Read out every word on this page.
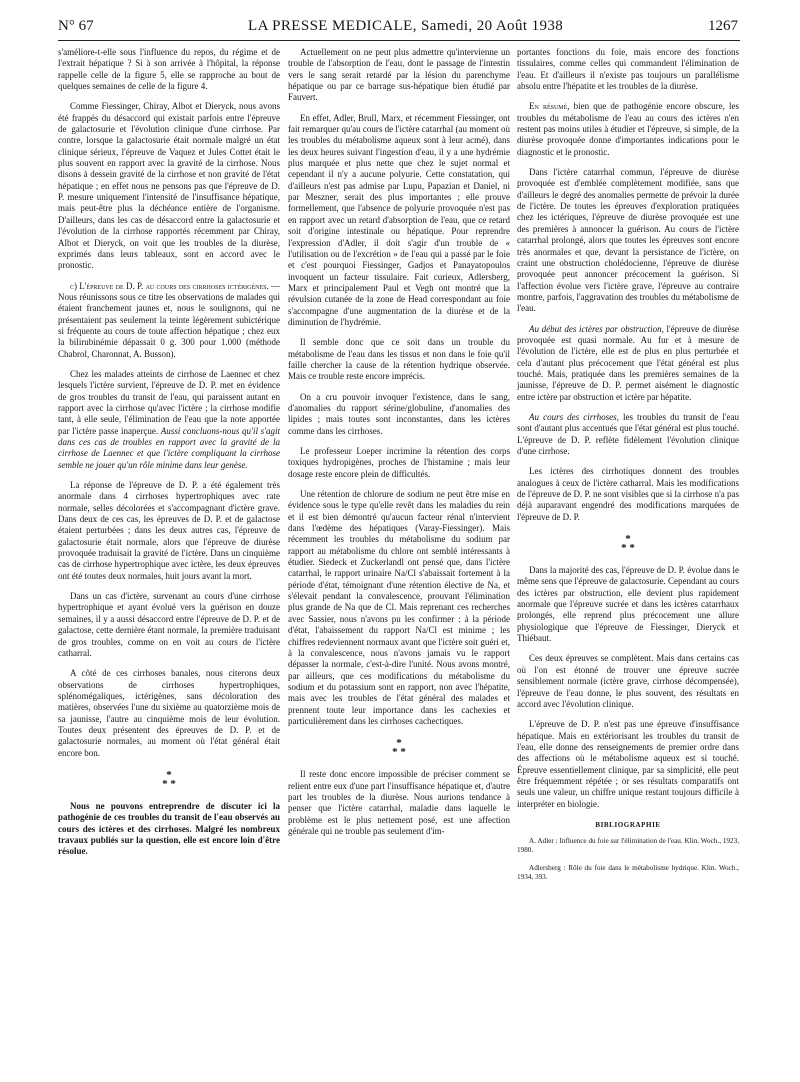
N° 67	LA PRESSE MEDICALE, Samedi, 20 Août 1938	1267

s'améliore-t-elle sous l'influence du repos, du régime et de l'extrait hépatique ? Si à son arrivée à l'hôpital, la réponse rappelle celle de la figure 5, elle se rapproche au bout de quelques semaines de celle de la figure 4.

Comme Fiessinger, Chiray, Albot et Dieryck, nous avons été frappés du désaccord qui existait parfois entre l'épreuve de galactosurie et l'évolution clinique d'une cirrhose. Par contre, lorsque la galactosurie était normale malgré un état clinique sérieux, l'épreuve de Vaquez et Jules Cottet était le plus souvent en rapport avec la gravité de la cirrhose. Nous disons à dessein gravité de la cirrhose et non gravité de l'état hépatique ; en effet nous ne pensons pas que l'épreuve de D. P. mesure uniquement l'intensité de l'insuffisance hépatique, mais peut-être plus la déchéance entière de l'organisme. D'ailleurs, dans les cas de désaccord entre la galactosurie et l'évolution de la cirrhose rapportés récemment par Chiray, Albot et Dieryck, on voit que les troubles de la diurèse, exprimés dans leurs tableaux, sont en accord avec le pronostic.

c) L'épreuve de D. P. au cours des cirrhoses ictérigènes. — Nous réunissons sous ce titre les observations de malades qui étaient franchement jaunes et, nous le soulignons, qui ne présentaient pas seulement la teinte légèrement subictérique si fréquente au cours de toute affection hépatique ; chez eux la bilirubinémie dépassait 0 g. 300 pour 1.000 (méthode Chabrol, Charonnat, A. Busson).

Chez les malades atteints de cirrhose de Laennec et chez lesquels l'ictère survient, l'épreuve de D. P. met en évidence de gros troubles du transit de l'eau, qui paraissent autant en rapport avec la cirrhose qu'avec l'ictère ; la cirrhose modifie tant, à elle seule, l'élimination de l'eau que la note apportée par l'ictère passe inaperçue. Aussi concluons-nous qu'il s'agit dans ces cas de troubles en rapport avec la gravité de la cirrhose de Laennec et que l'ictère compliquant la cirrhose semble ne jouer qu'un rôle minime dans leur genèse.

La réponse de l'épreuve de D. P. a été également très anormale dans 4 cirrhoses hypertrophiques avec rate normale, selles décolorées et s'accompagnant d'ictère grave. Dans deux de ces cas, les épreuves de D. P. et de galactose étaient perturbées ; dans les deux autres cas, l'épreuve de galactosurie était normale, alors que l'épreuve de diurèse provoquée traduisait la gravité de l'ictère. Dans un cinquième cas de cirrhose hypertrophique avec ictère, les deux épreuves ont été toutes deux normales, huit jours avant la mort.

Dans un cas d'ictère, survenant au cours d'une cirrhose hypertrophique et ayant évolué vers la guérison en douze semaines, il y a aussi désaccord entre l'épreuve de D. P. et de galactose, cette dernière étant normale, la première traduisant de gros troubles, comme on en voit au cours de l'ictère catharral.

A côté de ces cirrhoses banales, nous citerons deux observations de cirrhoses hypertrophiques, splénomégaliques, ictérigènes, sans décoloration des matières, observées l'une du sixième au quatorzième mois de sa jaunisse, l'autre au cinquième mois de leur évolution. Toutes deux présentent des épreuves de D. P. et de galactosurie normales, au moment où l'état général était encore bon.

*
* *

Nous ne pouvons entreprendre de discuter ici la pathogénie de ces troubles du transit de l'eau observés au cours des ictères et des cirrhoses. Malgré les nombreux travaux publiés sur la question, elle est encore loin d'être résolue.

Actuellement on ne peut plus admettre qu'intervienne un trouble de l'absorption de l'eau, dont le passage de l'intestin vers le sang serait retardé par la lésion du parenchyme hépatique ou par ce barrage sus-hépatique bien étudié par Fauvert.

En effet, Adler, Brull, Marx, et récemment Fiessinger, ont fait remarquer qu'au cours de l'ictère catarrhal (au moment où les troubles du métabolisme aqueux sont à leur acmé), dans les deux heures suivant l'ingestion d'eau, il y a une hydrémie plus marquée et plus nette que chez le sujet normal et cependant il n'y a aucune polyurie. Cette constatation, qui d'ailleurs n'est pas admise par Lupu, Papazian et Daniel, ni par Meszner, serait des plus importantes ; elle prouve formellement, que l'absence de polyurie provoquée n'est pas en rapport avec un retard d'absorption de l'eau, que ce retard soit d'origine intestinale ou hépatique. Pour reprendre l'expression d'Adler, il doit s'agir d'un trouble de « l'utilisation ou de l'excrétion » de l'eau qui a passé par le foie et c'est pourquoi Fiessinger, Gadjos et Panayatopoulos invoquent un facteur tissulaire. Fait curieux, Adlersberg, Marx et principalement Paul et Vegh ont montré que la révulsion cutanée de la zone de Head correspondant au foie s'accompagne d'une augmentation de la diurèse et de la diminution de l'hydrémie.

Il semble donc que ce soit dans un trouble du métabolisme de l'eau dans les tissus et non dans le foie qu'il faille chercher la cause de la rétention hydrique observée. Mais ce trouble reste encore imprécis.

On a cru pouvoir invoquer l'existence, dans le sang, d'anomalies du rapport sérine/globuline, d'anomalies des lipides ; mais toutes sont inconstantes, dans les ictères comme dans les cirrhoses.

Le professeur Loeper incrimine la rétention des corps toxiques hydropigènes, proches de l'histamine ; mais leur dosage reste encore plein de difficultés.

Une rétention de chlorure de sodium ne peut être mise en évidence sous le type qu'elle revêt dans les maladies du rein et il est bien démontré qu'aucun facteur rénal n'intervient dans l'œdème des hépatiques (Varay-Fiessinger). Mais récemment les troubles du métabolisme du sodium par rapport au métabolisme du chlore ont semblé intéressants à étudier. Siedeck et Zuckerlandl ont pensé que, dans l'ictère catarrhal, le rapport urinaire Na/Cl s'abaissait fortement à la période d'état, témoignant d'une rétention élective de Na, et s'élevait pendant la convalescence, prouvant l'élimination plus grande de Na que de Cl. Mais reprenant ces recherches avec Sassier, nous n'avons pu les confirmer : à la période d'état, l'abaissement du rapport Na/Cl est minime ; les chiffres redeviennent normaux avant que l'ictère soit guéri et, à la convalescence, nous n'avons jamais vu le rapport dépasser la normale, c'est-à-dire l'unité. Nous avons montré, par ailleurs, que ces modifications du métabolisme du sodium et du potassium sont en rapport, non avec l'hépatite, mais avec les troubles de l'état général des malades et prennent toute leur importance dans les cachexies et particulièrement dans les cirrhoses cachectiques.

*
* *

Il reste donc encore impossible de préciser comment se relient entre eux d'une part l'insuffisance hépatique et, d'autre part les troubles de la diurèse. Nous aurions tendance à penser que l'ictère catarrhal, maladie dans laquelle le problème est le plus nettement posé, est une affection générale qui ne trouble pas seulement d'im-

portantes fonctions du foie, mais encore des fonctions tissulaires, comme celles qui commandent l'élimination de l'eau. Et d'ailleurs il n'existe pas toujours un parallélisme absolu entre l'hépatite et les troubles de la diurèse.

En résumé, bien que de pathogénie encore obscure, les troubles du métabolisme de l'eau au cours des ictères n'en restent pas moins utiles à étudier et l'épreuve, si simple, de la diurèse provoquée donne d'importantes indications pour le diagnostic et le pronostic.

Dans l'ictère catarrhal commun, l'épreuve de diurèse provoquée est d'emblée complètement modifiée, sans que d'ailleurs le degré des anomalies permette de prévoir la durée de l'ictère. De toutes les épreuves d'exploration pratiquées chez les ictériques, l'épreuve de diurèse provoquée est une des premières à annoncer la guérison. Au cours de l'ictère catarrhal prolongé, alors que toutes les épreuves sont encore très anormales et que, devant la persistance de l'ictère, on craint une obstruction cholédocienne, l'épreuve de diurèse provoquée peut annoncer précocement la guérison. Si l'affection évolue vers l'ictère grave, l'épreuve au contraire montre, parfois, l'aggravation des troubles du métabolisme de l'eau.

Au début des ictères par obstruction, l'épreuve de diurèse provoquée est quasi normale. Au fur et à mesure de l'évolution de l'ictère, elle est de plus en plus perturbée et cela d'autant plus précocement que l'état général est plus touché. Mais, pratiquée dans les premières semaines de la jaunisse, l'épreuve de D. P. permet aisément le diagnostic entre ictère par obstruction et ictère par hépatite.

Au cours des cirrhoses, les troubles du transit de l'eau sont d'autant plus accentués que l'état général est plus touché. L'épreuve de D. P. reflète fidèlement l'évolution clinique d'une cirrhose.

Les ictères des cirrhotiques donnent des troubles analogues à ceux de l'ictère catharral. Mais les modifications de l'épreuve de D. P. ne sont visibles que si la cirrhose n'a pas déjà auparavant engendré des modifications marquées de l'épreuve de D. P.

*
* *

Dans la majorité des cas, l'épreuve de D. P. évolue dans le même sens que l'épreuve de galactosurie. Cependant au cours des ictères par obstruction, elle devient plus rapidement anormale que l'épreuve sucrée et dans les ictères catarrhaux prolongés, elle reprend plus précocement une allure physiologique que l'épreuve de Fiessinger, Dieryck et Thiébaut.

Ces deux épreuves se complètent. Mais dans certains cas où l'on est étonné de trouver une épreuve sucrée sensiblement normale (ictère grave, cirrhose décompensée), l'épreuve de l'eau donne, le plus souvent, des résultats en accord avec l'évolution clinique.

L'épreuve de D. P. n'est pas une épreuve d'insuffisance hépatique. Mais en extériorisant les troubles du transit de l'eau, elle donne des renseignements de premier ordre dans des affections où le métabolisme aqueux est si touché. Épreuve essentiellement clinique, par sa simplicité, elle peut être fréquemment répétée ; or ses résultats comparatifs ont seuls une valeur, un chiffre unique restant toujours difficile à interpréter en biologie.

BIBLIOGRAPHIE

A. Adler : Influence du foie sur l'élimination de l'eau. Klin. Woch., 1923, 1980.

Adlersberg : Rôle du foie dans le métabolisme hydrique. Klin. Woch., 1934, 393.
